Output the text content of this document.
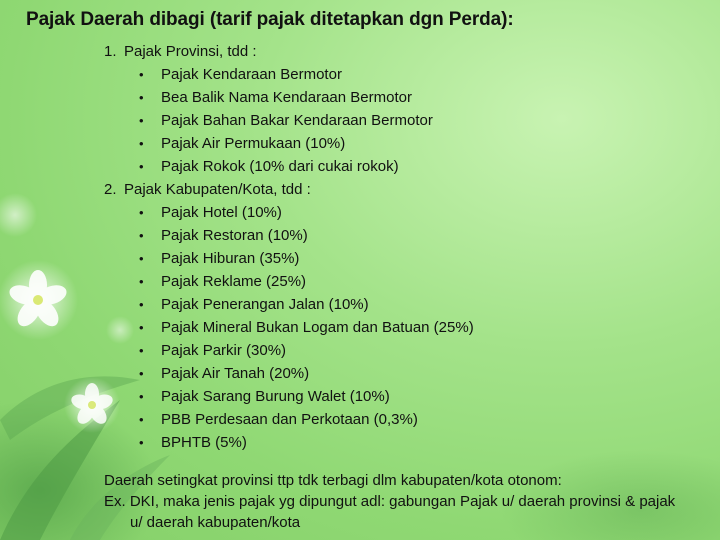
Pajak Daerah dibagi (tarif pajak ditetapkan dgn Perda):
1. Pajak Provinsi, tdd :
• Pajak Kendaraan Bermotor
• Bea Balik Nama Kendaraan Bermotor
• Pajak Bahan Bakar Kendaraan Bermotor
• Pajak Air Permukaan (10%)
• Pajak Rokok (10% dari cukai rokok)
2. Pajak Kabupaten/Kota, tdd :
• Pajak Hotel (10%)
• Pajak Restoran (10%)
• Pajak Hiburan (35%)
• Pajak Reklame (25%)
• Pajak Penerangan Jalan (10%)
• Pajak Mineral Bukan Logam dan Batuan (25%)
• Pajak Parkir (30%)
• Pajak Air Tanah (20%)
• Pajak Sarang Burung Walet (10%)
• PBB Perdesaan dan Perkotaan (0,3%)
• BPHTB (5%)

Daerah setingkat provinsi ttp tdk terbagi dlm kabupaten/kota otonom:

Ex. DKI, maka jenis pajak yg dipungut adl: gabungan Pajak u/ daerah provinsi & pajak

u/ daerah kabupaten/kota
